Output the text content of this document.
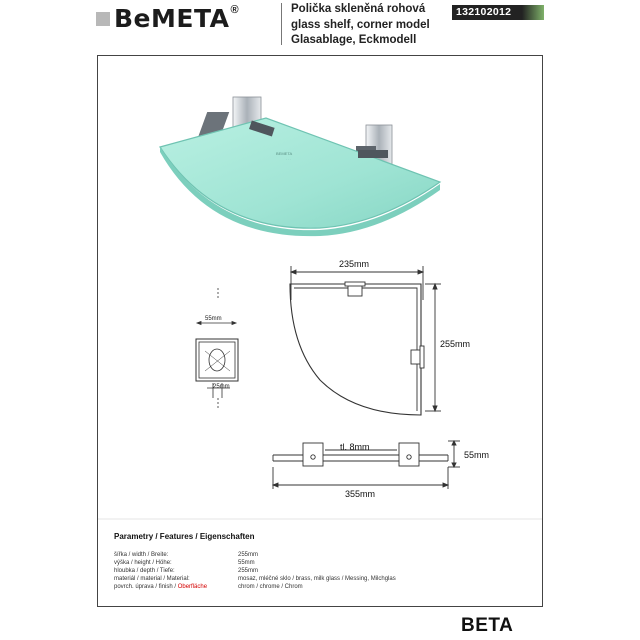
BeMETA ®	Polička skleněná rohová
glass shelf, corner model
Glasablage, Eckmodell
132102012
BEMETA
· · ·
235mm
255mm
tl. 8mm
55mm
355mm
55mm
25mm
Parametry / Features / Eigenschaften
šířka / width / Breite:	255mm
výška / height / Höhe:	55mm
hloubka / depth / Tiefe:	255mm
materiál / material / Material:	mosaz, mléčné sklo / brass, milk glass / Messing, Milchglas
povrch. úprava / finish / Oberfläche	chrom / chrome / Chrom
BETA
